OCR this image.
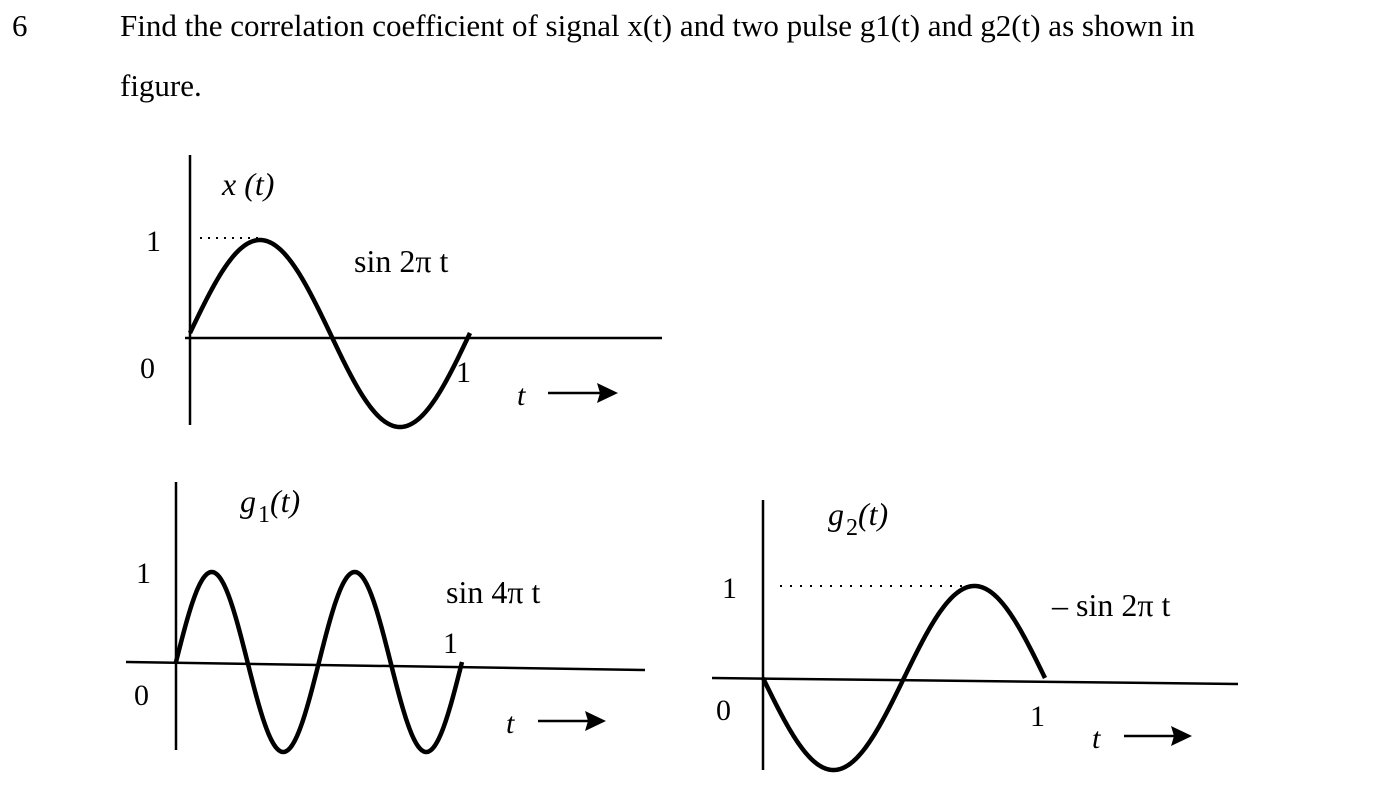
6	Find the correlation coefficient of signal x(t) and two pulse g1(t) and g2(t) as shown in
figure.
x (t)
sin 2π t
1
0	1
t
$g_1(t)$
sin 4π t
1
0
1
t
$g_2(t)$
– sin 2π t
1
0	1
t
